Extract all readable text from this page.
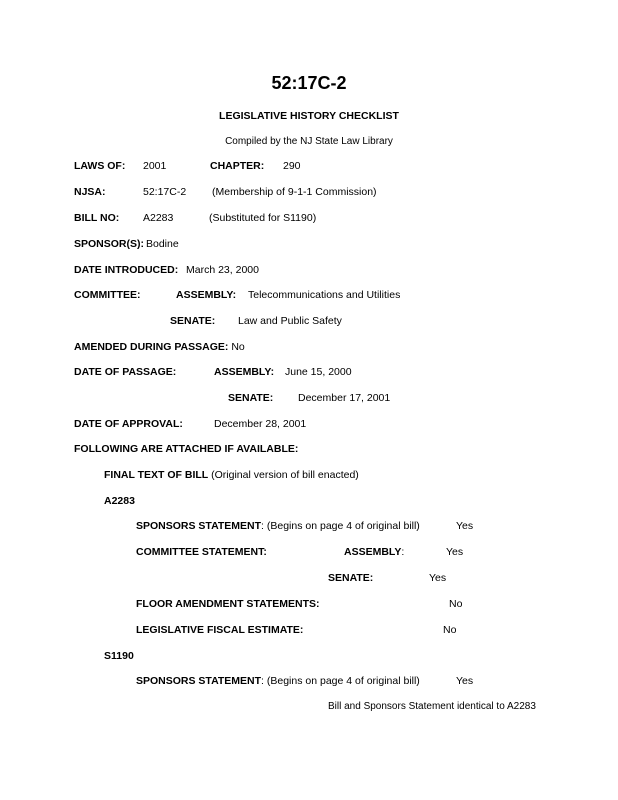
52:17C-2
LEGISLATIVE HISTORY CHECKLIST
Compiled by the NJ State Law Library
LAWS OF: 2001	CHAPTER: 290
NJSA:	52:17C-2 (Membership of 9-1-1 Commission)
BILL NO: A2283	(Substituted for S1190)
SPONSOR(S): Bodine
DATE INTRODUCED: March 23, 2000
COMMITTEE:	ASSEMBLY: Telecommunications and Utilities
SENATE: Law and Public Safety
AMENDED DURING PASSAGE: No
DATE OF PASSAGE:	ASSEMBLY: June 15, 2000
SENATE: December 17, 2001
DATE OF APPROVAL:	December 28, 2001
FOLLOWING ARE ATTACHED IF AVAILABLE:
FINAL TEXT OF BILL (Original version of bill enacted)
A2283
SPONSORS STATEMENT: (Begins on page 4 of original bill)	Yes
COMMITTEE STATEMENT:	ASSEMBLY:	Yes
SENATE:	Yes
FLOOR AMENDMENT STATEMENTS:	No
LEGISLATIVE FISCAL ESTIMATE:	No
S1190
SPONSORS STATEMENT: (Begins on page 4 of original bill)	Yes
Bill and Sponsors Statement identical to A2283
